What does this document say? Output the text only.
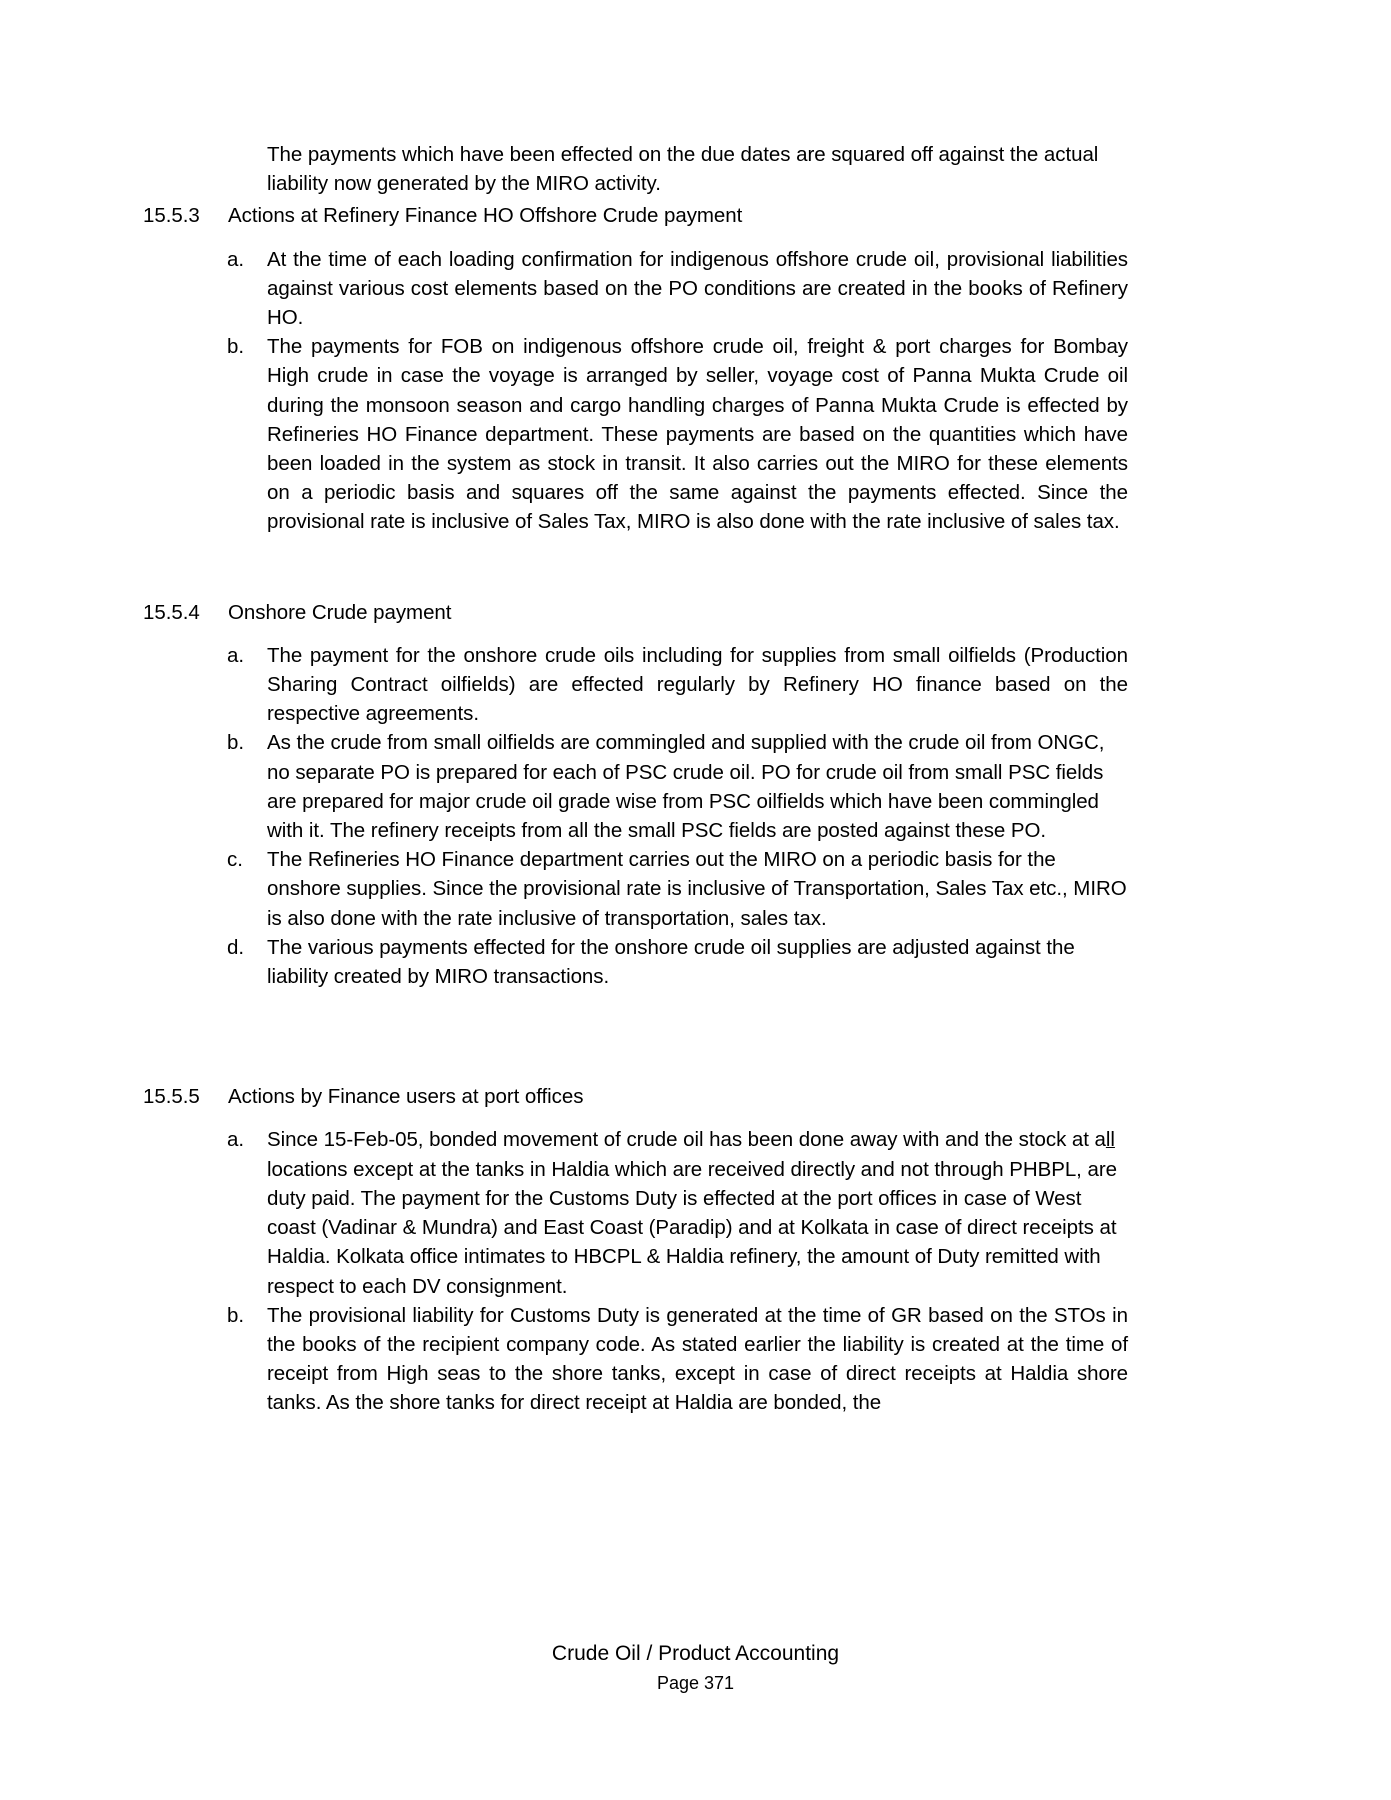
The payments which have been effected on the due dates are squared off against the actual liability now generated by the MIRO activity.

15.5.3	Actions at Refinery Finance HO Offshore Crude payment
a.	At the time of each loading confirmation for indigenous offshore crude oil, provisional liabilities against various cost elements based on the PO conditions are created in the books of Refinery HO.
b.	The payments for FOB on indigenous offshore crude oil, freight & port charges for Bombay High crude in case the voyage is arranged by seller, voyage cost of Panna Mukta Crude oil during the monsoon season and cargo handling charges of Panna Mukta Crude is effected by Refineries HO Finance department. These payments are based on the quantities which have been loaded in the system as stock in transit. It also carries out the MIRO for these elements on a periodic basis and squares off the same against the payments effected. Since the provisional rate is inclusive of Sales Tax, MIRO is also done with the rate inclusive of sales tax.
15.5.4	Onshore Crude payment
a.	The payment for the onshore crude oils including for supplies from small oilfields (Production Sharing Contract oilfields) are effected regularly by Refinery HO finance based on the respective agreements.
b.	As the crude from small oilfields are commingled and supplied with the crude oil from ONGC, no separate PO is prepared for each of PSC crude oil. PO for crude oil from small PSC fields are prepared for major crude oil grade wise from PSC oilfields which have been commingled with it. The refinery receipts from all the small PSC fields are posted against these PO.
c.	The Refineries HO Finance department carries out the MIRO on a periodic basis for the onshore supplies. Since the provisional rate is inclusive of Transportation, Sales Tax etc., MIRO is also done with the rate inclusive of transportation, sales tax.
d.	The various payments effected for the onshore crude oil supplies are adjusted against the liability created by MIRO transactions.
15.5.5	Actions by Finance users at port offices
a.	Since 15-Feb-05, bonded movement of crude oil has been done away with and the stock at all locations except at the tanks in Haldia which are received directly and not through PHBPL, are duty paid. The payment for the Customs Duty is effected at the port offices in case of West coast (Vadinar & Mundra) and East Coast (Paradip) and at Kolkata in case of direct receipts at Haldia. Kolkata office intimates to HBCPL & Haldia refinery, the amount of Duty remitted with respect to each DV consignment.
b.	The provisional liability for Customs Duty is generated at the time of GR based on the STOs in the books of the recipient company code. As stated earlier the liability is created at the time of receipt from High seas to the shore tanks, except in case of direct receipts at Haldia shore tanks. As the shore tanks for direct receipt at Haldia are bonded, the
Crude Oil / Product Accounting
Page 371
